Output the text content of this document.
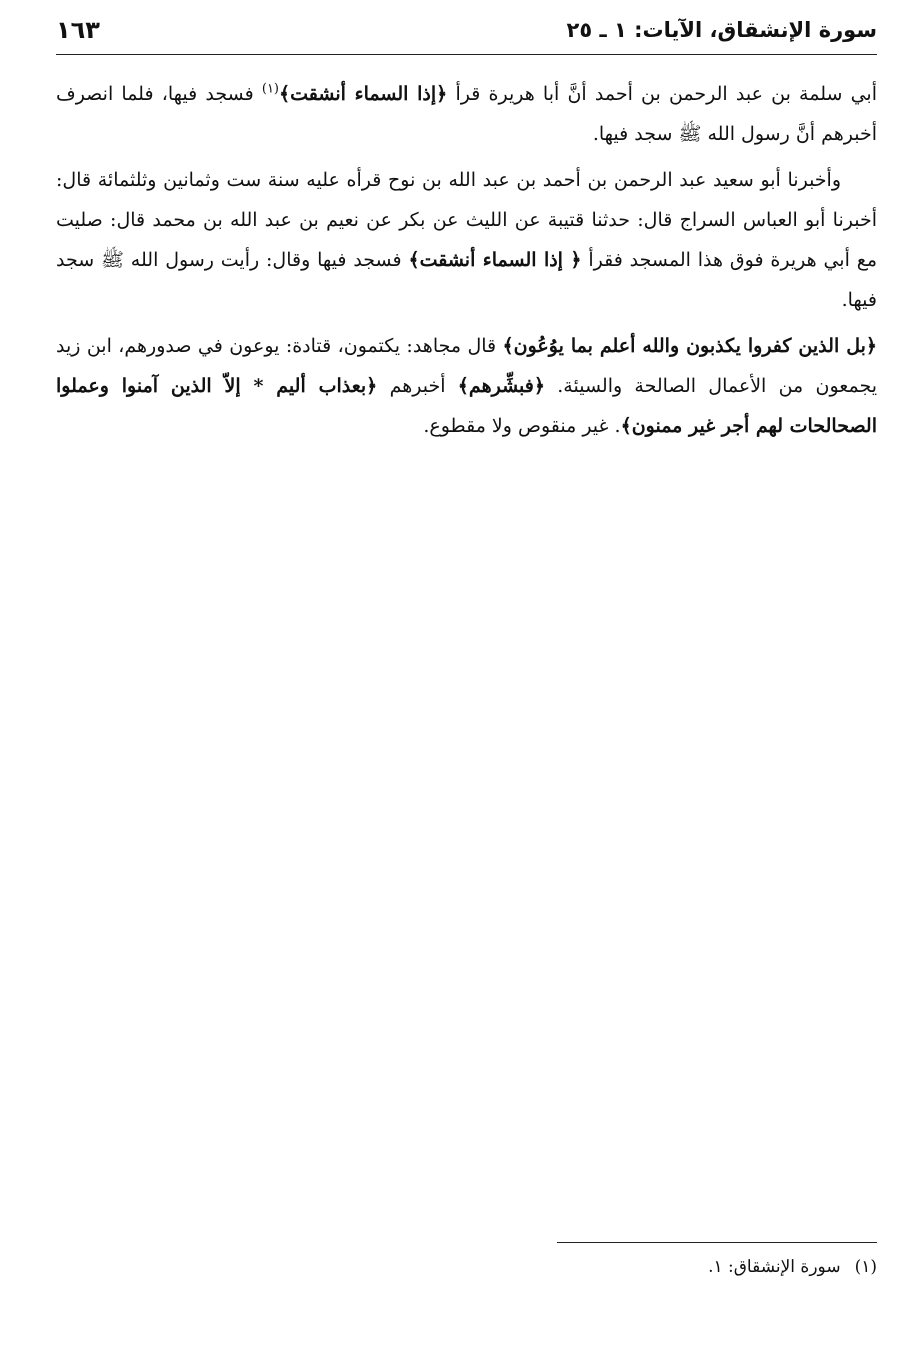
سورة الإنشقاق، الآيات: ١ ـ ٢٥
١٦٣

أبي سلمة بن عبد الرحمن بن أحمد أنَّ أبا هريرة قرأ ﴿إذا السماء أنشقت﴾$^{(١)}$ فسجد فيها، فلما انصرف أخبرهم أنَّ رسول الله ﷺ سجد فيها.

وأخبرنا أبو سعيد عبد الرحمن بن أحمد بن عبد الله بن نوح قرأه عليه سنة ست وثمانين وثلثمائة قال: أخبرنا أبو العباس السراج قال: حدثنا قتيبة عن الليث عن بكر عن نعيم بن عبد الله بن محمد قال: صليت مع أبي هريرة فوق هذا المسجد فقرأ ﴿ إذا السماء أنشقت﴾ فسجد فيها وقال: رأيت رسول الله ﷺ سجد فيها.

﴿بل الذين كفروا يكذبون والله أعلم بما يوُعُون﴾ قال مجاهد: يكتمون، قتادة: يوعون في صدورهم، ابن زيد يجمعون من الأعمال الصالحة والسيئة. ﴿فبشِّرهم﴾ أخبرهم ﴿بعذاب أليم * إلاّ الذين آمنوا وعملوا الصحالحات لهم أجر غير ممنون﴾. غير منقوص ولا مقطوع.

(١)سورة الإنشقاق: ١.
